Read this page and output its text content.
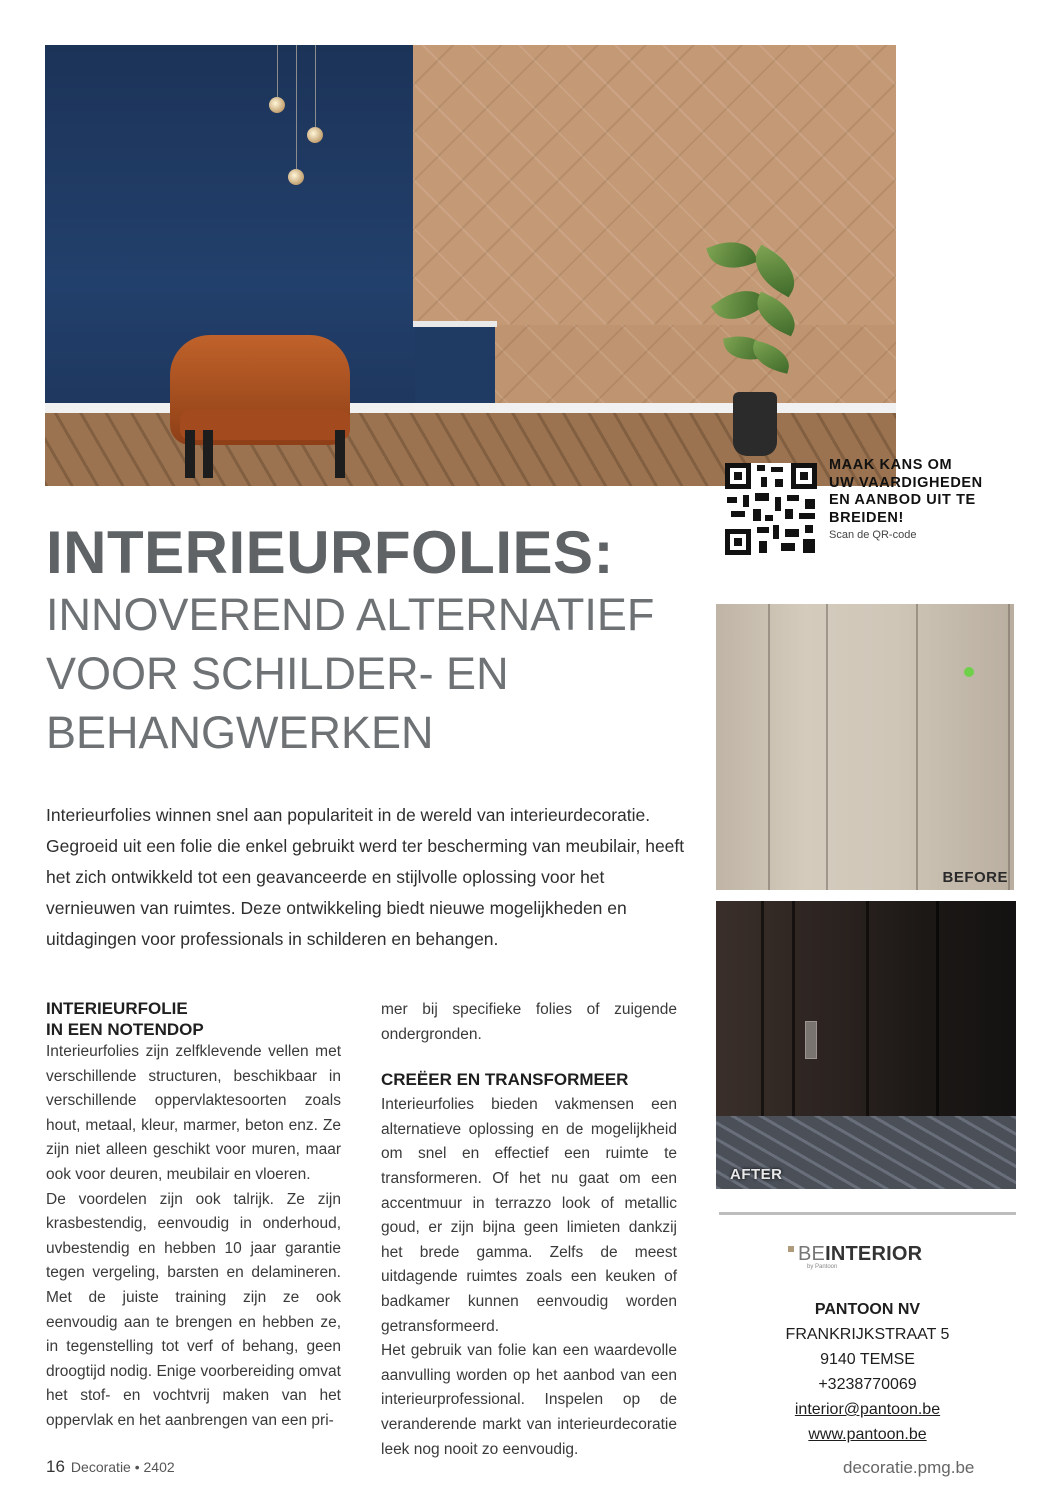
MAAK KANS OM
UW VAARDIGHEDEN
EN AANBOD UIT TE
BREIDEN!
Scan de QR-code
INTERIEURFOLIES:
INNOVEREND ALTERNATIEF
VOOR SCHILDER- EN
BEHANGWERKEN
Interieurfolies winnen snel aan populariteit in de wereld van interieurdecoratie. Gegroeid uit een folie die enkel gebruikt werd ter bescherming van meubilair, heeft het zich ontwikkeld tot een geavanceerde en stijlvolle oplossing voor het vernieuwen van ruimtes. Deze ontwikkeling biedt nieuwe mogelijkheden en uitdagingen voor professionals in schilderen en behangen.
INTERIEURFOLIE
IN EEN NOTENDOP

Interieurfolies zijn zelfklevende vellen met verschillende structuren, beschikbaar in verschillende oppervlaktesoorten zoals hout, metaal, kleur, marmer, beton enz. Ze zijn niet alleen geschikt voor muren, maar ook voor deuren, meubilair en vloeren.

De voordelen zijn ook talrijk. Ze zijn krasbestendig, eenvoudig in onderhoud, uvbestendig en hebben 10 jaar garantie tegen vergeling, barsten en delamineren. Met de juiste training zijn ze ook eenvoudig aan te brengen en hebben ze, in tegenstelling tot verf of behang, geen droogtijd nodig. Enige voorbereiding omvat het stof- en vochtvrij maken van het oppervlak en het aanbrengen van een pri-

mer bij specifieke folies of zuigende ondergronden.

CREËER EN TRANSFORMEER

Interieurfolies bieden vakmensen een alternatieve oplossing en de mogelijkheid om snel en effectief een ruimte te transformeren. Of het nu gaat om een accentmuur in terrazzo look of metallic goud, er zijn bijna geen limieten dankzij het brede gamma. Zelfs de meest uitdagende ruimtes zoals een keuken of badkamer kunnen eenvoudig worden getransformeerd.

Het gebruik van folie kan een waardevolle aanvulling worden op het aanbod van een interieurprofessional. Inspelen op de veranderende markt van interieurdecoratie leek nog nooit zo eenvoudig.

BEFORE
AFTER
BEINTERIOR
by Pantoon
PANTOON NV
FRANKRIJKSTRAAT 5
9140 TEMSE
+3238770069
interior@pantoon.be
www.pantoon.be
16 Decoratie • 2402	decoratie.pmg.be
